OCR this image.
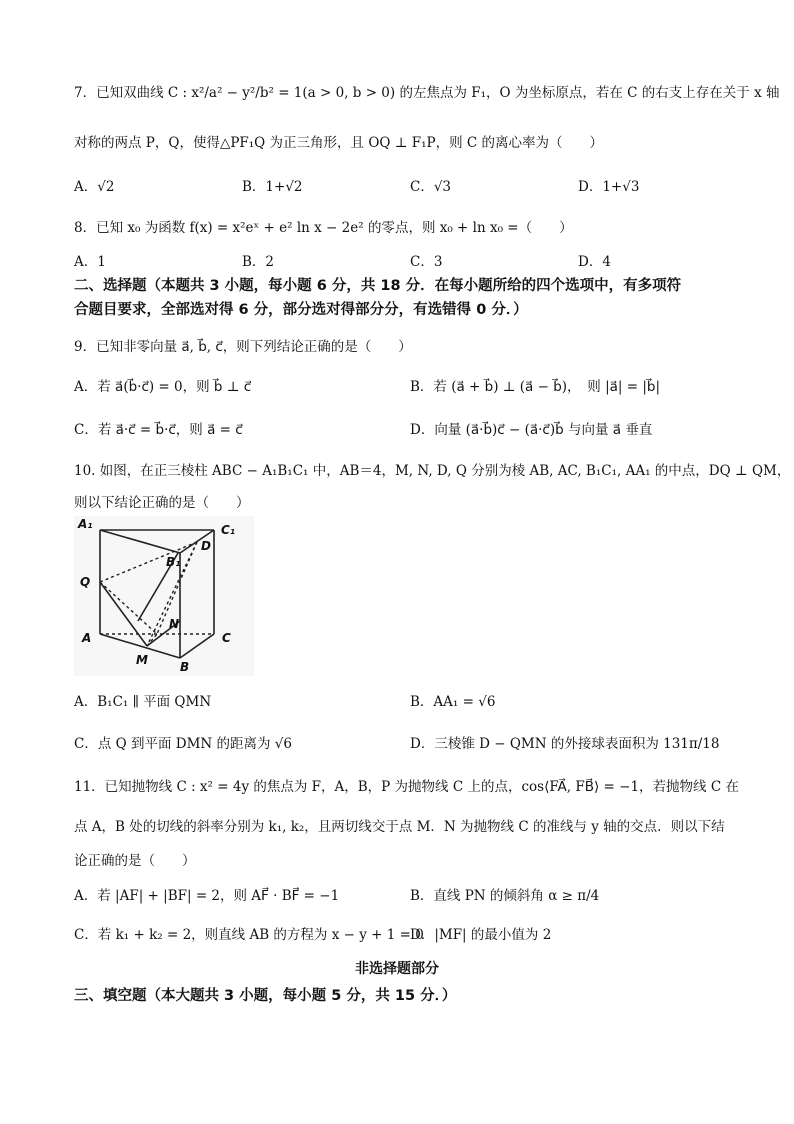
7．已知双曲线 C : x²/a² − y²/b² = 1(a > 0, b > 0) 的左焦点为 F₁，O 为坐标原点，若在 C 的右支上存在关于 x 轴
对称的两点 P，Q，使得△PF₁Q 为正三角形，且 OQ ⊥ F₁P，则 C 的离心率为（　　）
A．√2	B．1+√2	C．√3	D．1+√3
8．已知 x₀ 为函数 f(x) = x²eˣ + e² ln x − 2e² 的零点，则 x₀ + ln x₀ =（　　）
A．1	B．2	C．3	D．4
二、选择题（本题共 3 小题，每小题 6 分，共 18 分．在每小题所给的四个选项中，有多项符
合题目要求，全部选对得 6 分，部分选对得部分分，有选错得 0 分．）
9．已知非零向量 a⃗, b⃗, c⃗，则下列结论正确的是（　　）
A．若 a⃗(b⃗·c⃗) = 0，则 b⃗ ⊥ c⃗	B．若 (a⃗ + b⃗) ⊥ (a⃗ − b⃗)，　则 |a⃗| = |b⃗|
C．若 a⃗·c⃗ = b⃗·c⃗，则 a⃗ = c⃗	D．向量 (a⃗·b⃗)c⃗ − (a⃗·c⃗)b⃗ 与向量 a⃗ 垂直
10. 如图，在正三棱柱 ABC − A₁B₁C₁ 中，AB＝4，M, N, D, Q 分别为棱 AB, AC, B₁C₁, AA₁ 的中点，DQ ⊥ QM，
则以下结论正确的是（　　）
A₁	C₁
D
B₁
Q
N
A	C
M	B
A．B₁C₁ ∥ 平面 QMN	B．AA₁ = √6
C．点 Q 到平面 DMN 的距离为 √6	D．三棱锥 D − QMN 的外接球表面积为 131π/18
11．已知抛物线 C : x² = 4y 的焦点为 F，A，B，P 为抛物线 C 上的点，cos⟨FA⃗, FB⃗⟩ = −1，若抛物线 C 在
点 A，B 处的切线的斜率分别为 k₁, k₂，且两切线交于点 M．N 为抛物线 C 的准线与 y 轴的交点．则以下结
论正确的是（　　）
A．若 |AF| + |BF| = 2，则 AF⃗ · BF⃗ = −1	B．直线 PN 的倾斜角 α ≥ π/4
C．若 k₁ + k₂ = 2，则直线 AB 的方程为 x − y + 1 = 0
D．|MF| 的最小值为 2
非选择题部分
三、填空题（本大题共 3 小题，每小题 5 分，共 15 分．）
